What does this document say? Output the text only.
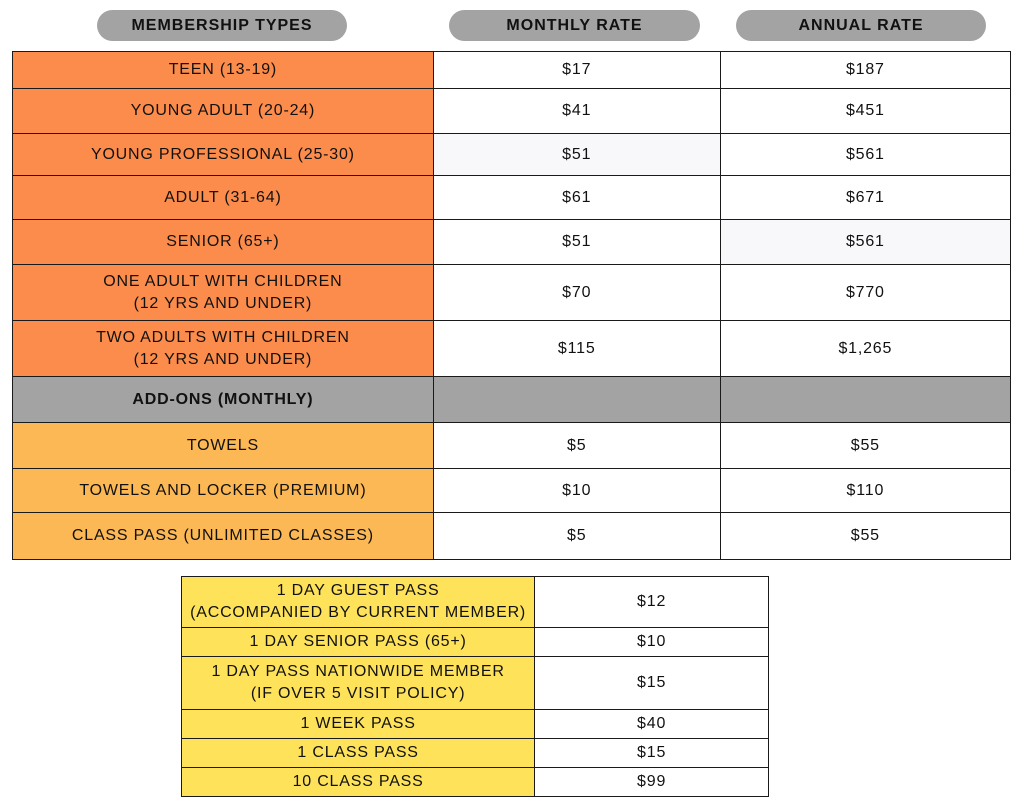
MEMBERSHIP TYPES	MONTHLY RATE	ANNUAL RATE
TEEN (13-19)	$17	$187

YOUNG ADULT (20-24)	$41	$451

YOUNG PROFESSIONAL (25-30)	$51	$561

ADULT (31-64)	$61	$671

SENIOR (65+)	$51	$561

ONE ADULT WITH CHILDREN
(12 YRS AND UNDER)	$70	$770

TWO ADULTS WITH CHILDREN
(12 YRS AND UNDER)	$115	$1,265
ADD-ONS (MONTHLY)		
TOWELS	$5	$55
TOWELS AND LOCKER (PREMIUM)	$10	$110
CLASS PASS (UNLIMITED CLASSES)	$5	$55
1 DAY GUEST PASS
(ACCOMPANIED BY CURRENT MEMBER)	$12

1 DAY SENIOR PASS (65+)	$10

1 DAY PASS NATIONWIDE MEMBER
(IF OVER 5 VISIT POLICY)	$15

1 WEEK PASS	$40

1 CLASS PASS	$15

10 CLASS PASS	$99
